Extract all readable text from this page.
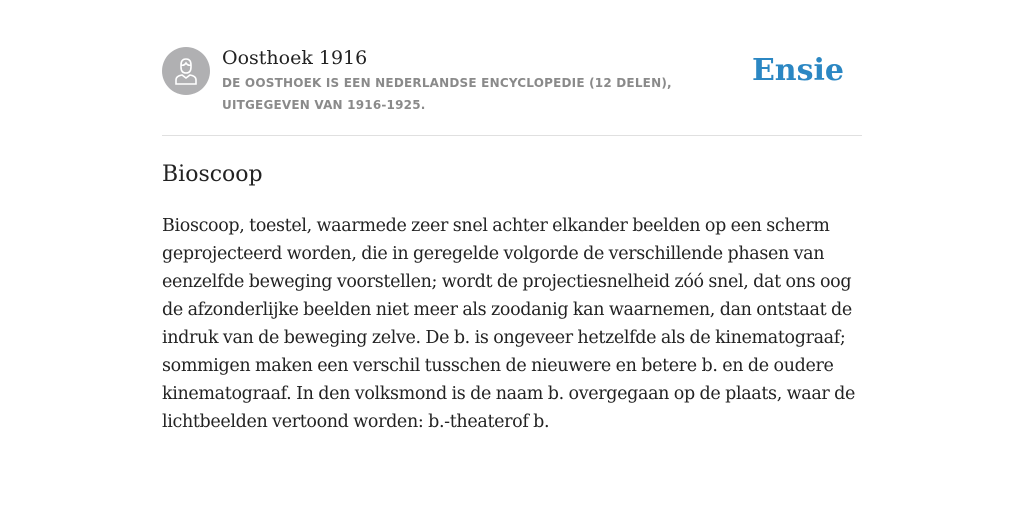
Oosthoek 1916
DE OOSTHOEK IS EEN NEDERLANDSE ENCYCLOPEDIE (12 DELEN), UITGEGEVEN VAN 1916-1925.
Ensie
Bioscoop

Bioscoop, toestel, waarmede zeer snel achter elkander beelden op een scherm geprojecteerd worden, die in geregelde volgorde de verschillende phasen van eenzelfde beweging voorstellen; wordt de projectiesnelheid zóó snel, dat ons oog de afzonderlijke beelden niet meer als zoodanig kan waarnemen, dan ontstaat de indruk van de beweging zelve. De b. is ongeveer hetzelfde als de kinematograaf; sommigen maken een verschil tusschen de nieuwere en betere b. en de oudere kinematograaf. In den volksmond is de naam b. overgegaan op de plaats, waar de lichtbeelden vertoond worden: b.-theaterof b.
